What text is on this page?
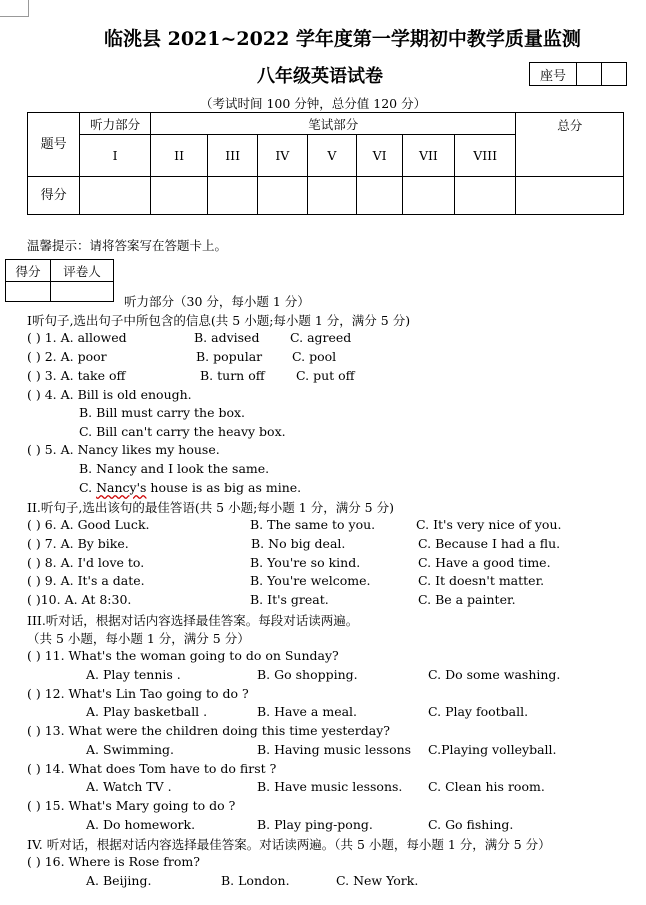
临洮县 2021~2022 学年度第一学期初中教学质量监测
八年级英语试卷	座号		
（考试时间 100 分钟，总分值 120 分）
题号	听力部分	笔试部分							总分

	I	II	III	IV	V	VI	VII	VIII	
得分									
温馨提示：请将答案写在答题卡上。
得分	评卷人

听力部分（30 分，每小题 1 分）
I听句子,选出句子中所包含的信息(共 5 小题;每小题 1 分，满分 5 分)
( ) 1. A. allowed	B. advised C. agreed
( ) 2. A. poor	B. popular C. pool
( ) 3. A. take off	B. turn off	C. put off
( ) 4. A. Bill is old enough.
B. Bill must carry the box.
C. Bill can't carry the heavy box.
( ) 5. A. Nancy likes my house.
B. Nancy and I look the same.
C. Nancy's house is as big as mine.
II.听句子,选出该句的最佳答语(共 5 小题;每小题 1 分，满分 5 分)
( ) 6. A. Good Luck.	B. The same to you.	C. It's very nice of you.
( ) 7. A. By bike.	B. No big deal.	C. Because I had a flu.
( ) 8. A. I'd love to.	B. You're so kind.	C. Have a good time.
( ) 9. A. It's a date.	B. You're welcome.	C. It doesn't matter.
( )10. A. At 8:30.	B. It's great.	C. Be a painter.
III.听对话，根据对话内容选择最佳答案。每段对话读两遍。
（共 5 小题，每小题 1 分，满分 5 分）
( ) 11. What's the woman going to do on Sunday?
A. Play tennis .	B. Go shopping.	C. Do some washing.
( ) 12. What's Lin Tao going to do ?
A. Play basketball .	B. Have a meal.	C. Play football.
( ) 13. What were the children doing this time yesterday?
A. Swimming.	B. Having music lessons C.Playing volleyball.
( ) 14. What does Tom have to do first ?
A. Watch TV .	B. Have music lessons. C. Clean his room.
( ) 15. What's Mary going to do ?
A. Do homework.	B. Play ping-pong.	C. Go fishing.
IV. 听对话，根据对话内容选择最佳答案。对话读两遍。（共 5 小题，每小题 1 分，满分 5 分）
( ) 16. Where is Rose from?
A. Beijing.	B. London.	C. New York.
